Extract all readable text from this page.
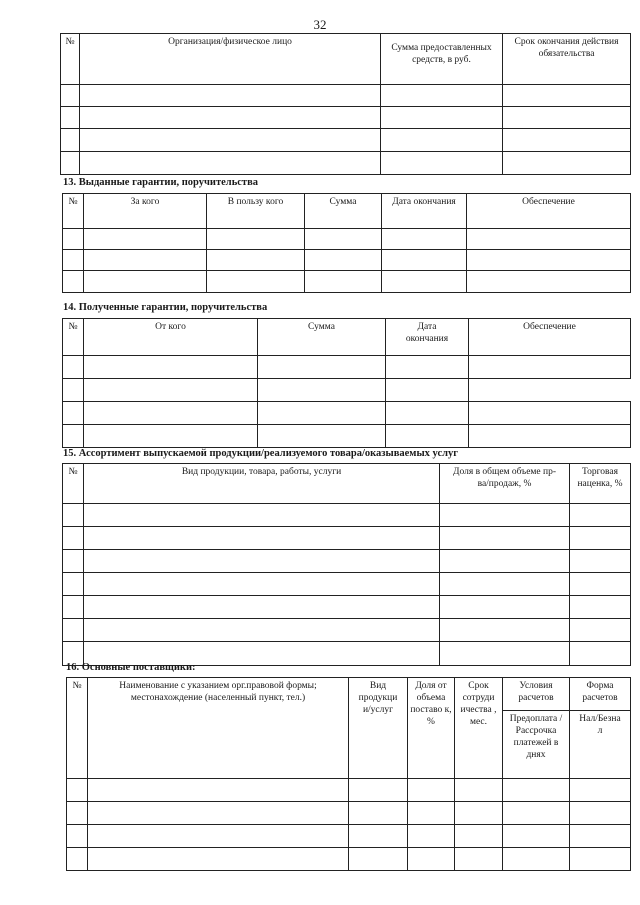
32
№	Организация/физическое лицо	Сумма предоставленных средств, в руб.	Срок окончания действия обязательства

13. Выданные гарантии, поручительства
№	За кого	В пользу кого	Сумма	Дата окончания	Обеспечение

14. Полученные гарантии, поручительства
№	От кого	Сумма	Дата окончания	Обеспечение

15. Ассортимент выпускаемой продукции/реализуемого товара/оказываемых услуг
№	Вид продукции, товара, работы, услуги	Доля в общем объеме пр-ва/продаж, %	Торговая наценка, %

16. Основные поставщики:
№	Наименование с указанием орг.правовой формы; местонахождение (населенный пункт, тел.)	Вид продукци и/услуг	Доля от объема поставо к, %	Срок сотруди ичества , мес.	Условия расчетов	Форма расчетов
					Предоплата / Рассрочка платежей в днях	Нал/Безна л
